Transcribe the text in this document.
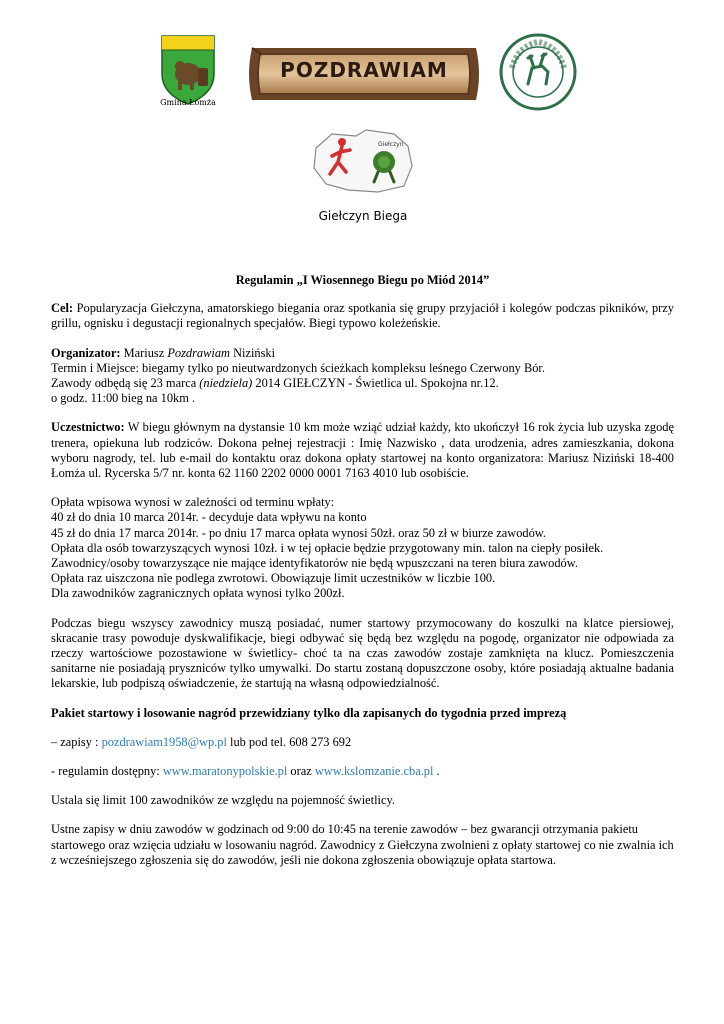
Gmina Łomża
POZDRAWIAM
Giełczyn
Giełczyn Biega
Regulamin „I Wiosennego Biegu po Miód 2014”

Cel: Popularyzacja Giełczyna, amatorskiego biegania oraz spotkania się grupy przyjaciół i kolegów podczas pikników, przy grillu, ognisku i degustacji regionalnych specjałów. Biegi typowo koleżeńskie.

Organizator: Mariusz Pozdrawiam Niziński
Termin i Miejsce: biegamy tylko po nieutwardzonych ścieżkach kompleksu leśnego Czerwony Bór.
Zawody odbędą się 23 marca (niedziela) 2014 GIEŁCZYN - Świetlica ul. Spokojna nr.12.
o godz. 11:00 bieg na 10km .

Uczestnictwo: W biegu głównym na dystansie 10 km może wziąć udział każdy, kto ukończył 16 rok życia lub uzyska zgodę trenera, opiekuna lub rodziców. Dokona pełnej rejestracji : Imię Nazwisko , data urodzenia, adres zamieszkania, dokona wyboru nagrody, tel. lub e-mail do kontaktu oraz dokona opłaty startowej na konto organizatora: Mariusz Niziński 18-400 Łomża ul. Rycerska 5/7 nr. konta 62 1160 2202 0000 0001 7163 4010 lub osobiście.

Opłata wpisowa wynosi w zależności od terminu wpłaty:
40 zł do dnia 10 marca 2014r. - decyduje data wpływu na konto
45 zł do dnia 17 marca 2014r. - po dniu 17 marca opłata wynosi 50zł. oraz 50 zł w biurze zawodów.
Opłata dla osób towarzyszących wynosi 10zł. i w tej opłacie będzie przygotowany min. talon na ciepły posiłek.
Zawodnicy/osoby towarzyszące nie mające identyfikatorów nie będą wpuszczani na teren biura zawodów.
Opłata raz uiszczona nie podlega zwrotowi. Obowiązuje limit uczestników w liczbie 100.
Dla zawodników zagranicznych opłata wynosi tylko 200zł.

Podczas biegu wszyscy zawodnicy muszą posiadać, numer startowy przymocowany do koszulki na klatce piersiowej, skracanie trasy powoduje dyskwalifikacje, biegi odbywać się będą bez względu na pogodę, organizator nie odpowiada za rzeczy wartościowe pozostawione w świetlicy- choć ta na czas zawodów zostaje zamknięta na klucz. Pomieszczenia sanitarne nie posiadają pryszniców tylko umywalki. Do startu zostaną dopuszczone osoby, które posiadają aktualne badania lekarskie, lub podpiszą oświadczenie, że startują na własną odpowiedzialność.

Pakiet startowy i losowanie nagród przewidziany tylko dla zapisanych do tygodnia przed imprezą

– zapisy : pozdrawiam1958@wp.pl lub pod tel. 608 273 692

- regulamin dostępny: www.maratonypolskie.pl oraz www.kslomzanie.cba.pl .

Ustala się limit 100 zawodników ze względu na pojemność świetlicy.

Ustne zapisy w dniu zawodów w godzinach od 9:00 do 10:45 na terenie zawodów – bez gwarancji otrzymania pakietu startowego oraz wzięcia udziału w losowaniu nagród. Zawodnicy z Giełczyna zwolnieni z opłaty startowej co nie zwalnia ich z wcześniejszego zgłoszenia się do zawodów, jeśli nie dokona zgłoszenia obowiązuje opłata startowa.
